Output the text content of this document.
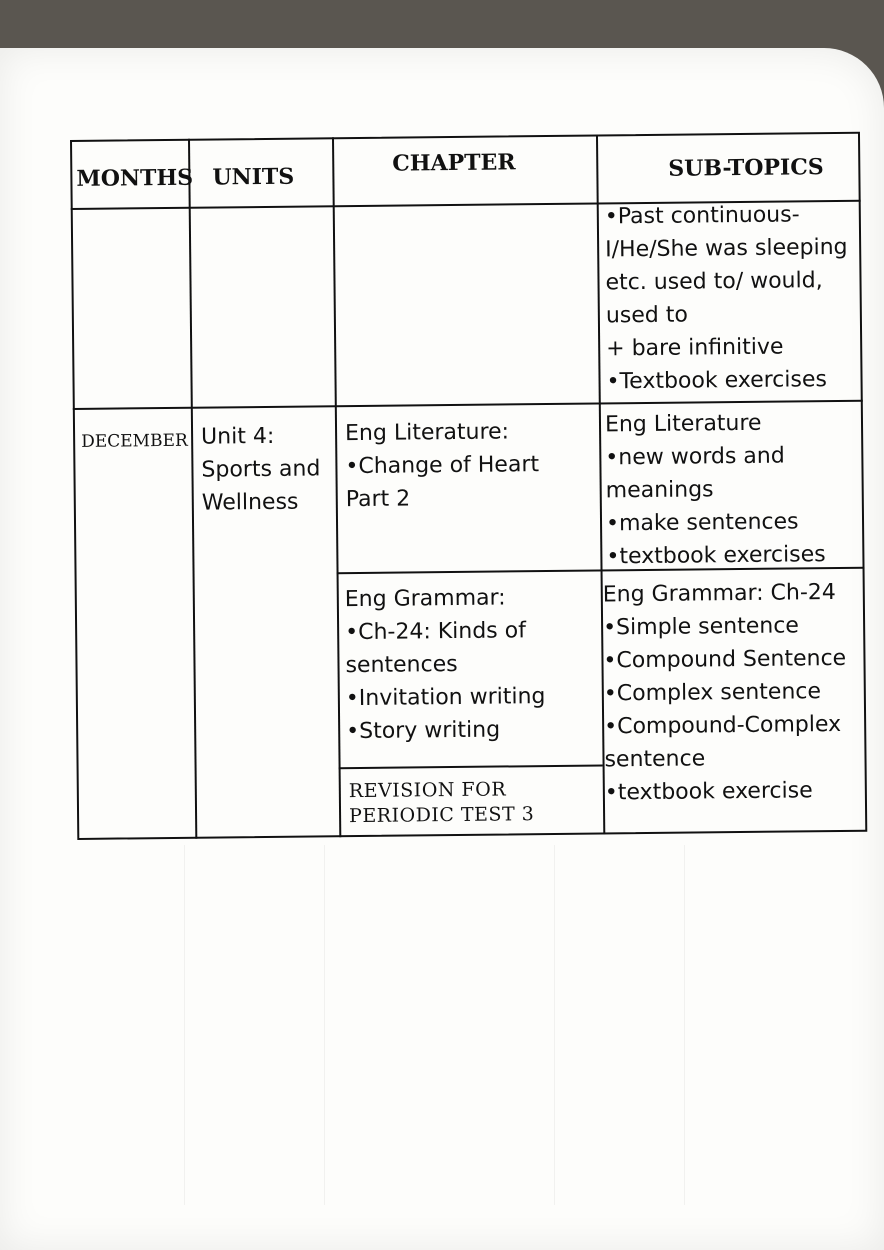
MONTHS UNITS
CHAPTER	SUB-TOPICS
•Past continuous-
I/He/She was sleeping
etc. used to/ would,
used to
+ bare infinitive
•Textbook exercises
DECEMBER Unit 4:
Sports and
Wellness
Eng Literature:
•Change of Heart
Part 2
Eng Literature
•new words and
meanings
•make sentences
•textbook exercises
Eng Grammar:
•Ch-24: Kinds of
sentences
•Invitation writing
•Story writing
Eng Grammar: Ch-24
•Simple sentence
•Compound Sentence
•Complex sentence
•Compound-Complex
sentence
•textbook exercise
REVISION FOR
PERIODIC TEST 3
